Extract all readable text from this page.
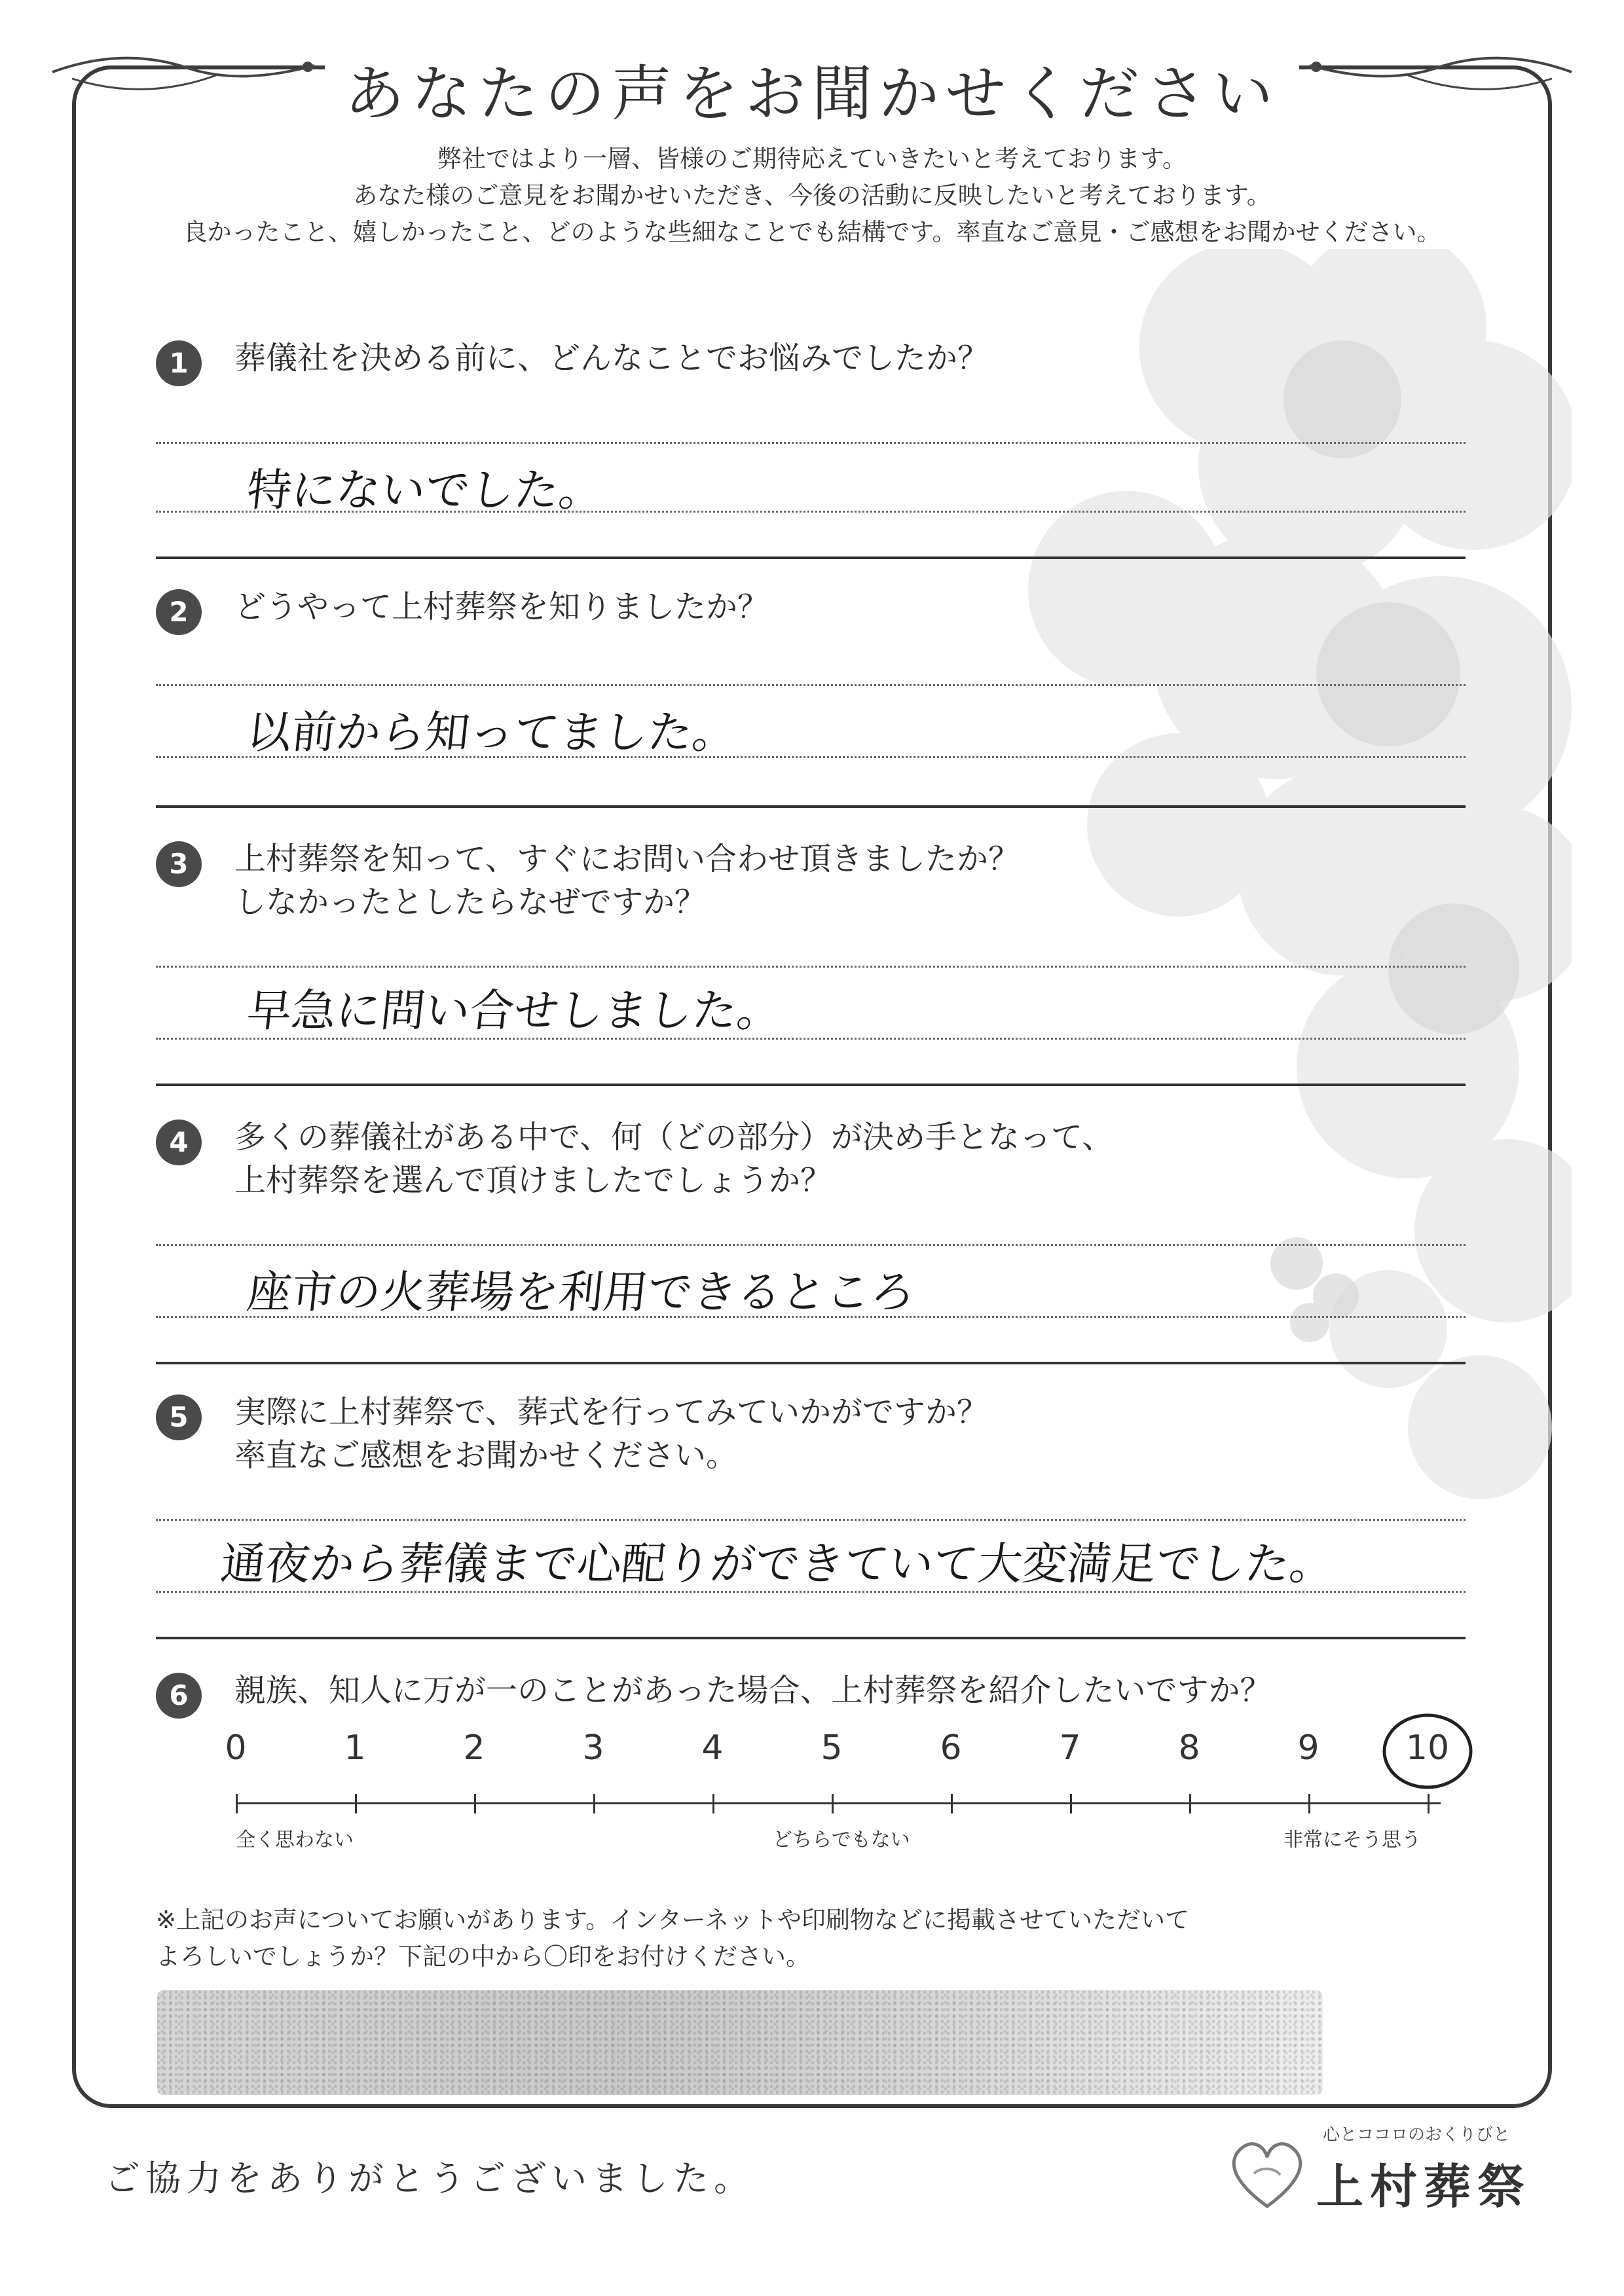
あなたの声をお聞かせください
弊社ではより一層、皆様のご期待応えていきたいと考えております。
あなた様のご意見をお聞かせいただき、今後の活動に反映したいと考えております。
良かったこと、嬉しかったこと、どのような些細なことでも結構です。率直なご意見・ご感想をお聞かせください。
1	葬儀社を決める前に、どんなことでお悩みでしたか？
特にないでした。
2	どうやって上村葬祭を知りましたか？
以前から知ってました。
3	上村葬祭を知って、すぐにお問い合わせ頂きましたか？
しなかったとしたらなぜですか？
早急に問い合せしました。
4	多くの葬儀社がある中で、何（どの部分）が決め手となって、
上村葬祭を選んで頂けましたでしょうか？
座市の火葬場を利用できるところ
5	実際に上村葬祭で、葬式を行ってみていかがですか？
率直なご感想をお聞かせください。
通夜から葬儀まで心配りができていて大変満足でした。
6	親族、知人に万が一のことがあった場合、上村葬祭を紹介したいですか？
0	1	2	3	4	5	6	7	8	9	10
全く思わない	どちらでもない	非常にそう思う
※上記のお声についてお願いがあります。インターネットや印刷物などに掲載させていただいて
よろしいでしょうか？下記の中から〇印をお付けください。
ご協力をありがとうございました。
心とココロのおくりびと
上村葬祭
